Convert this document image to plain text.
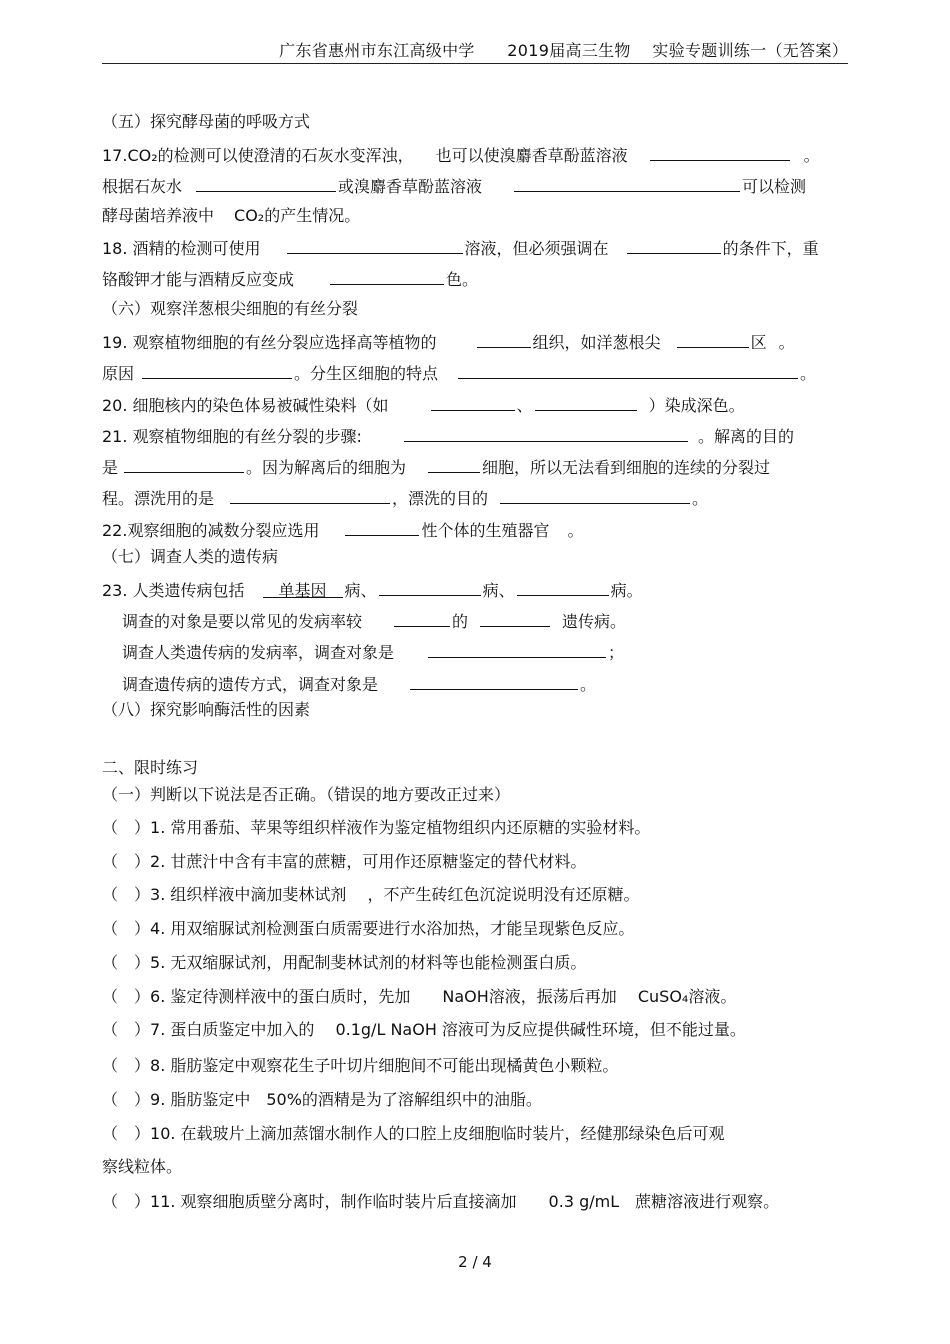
广东省惠州市东江高级中学　　2019届高三生物　 实验专题训练一（无答案）
（五）探究酵母菌的呼吸方式
17.CO₂的检测可以使澄清的石灰水变浑浊， 也可以使溴麝香草酚蓝溶液	。
根据石灰水	或溴麝香草酚蓝溶液	可以检测
酵母菌培养液中 CO₂的产生情况。
18. 酒精的检测可使用	溶液，但必须强调在	的条件下，重
铬酸钾才能与酒精反应变成	色。
（六）观察洋葱根尖细胞的有丝分裂
19. 观察植物细胞的有丝分裂应选择高等植物的	组织，如洋葱根尖	区 。
原因	。分生区细胞的特点	。
20. 细胞核内的染色体易被碱性染料（如	、	）染成深色。
21. 观察植物细胞的有丝分裂的步骤:	。解离的目的
是	。因为解离后的细胞为	细胞，所以无法看到细胞的连续的分裂过
程。漂洗用的是	，漂洗的目的	。
22.观察细胞的减数分裂应选用	性个体的生殖器官 。
（七）调查人类的遗传病
23. 人类遗传病包括 单基因 病、	病、	病。
调查的对象是要以常见的发病率较	的	遗传病。
调查人类遗传病的发病率，调查对象是	；
调查遗传病的遗传方式，调查对象是	。
（八）探究影响酶活性的因素
二、限时练习
（一）判断以下说法是否正确。（错误的地方要改正过来）
（　）1. 常用番茄、苹果等组织样液作为鉴定植物组织内还原糖的实验材料。
（　）2. 甘蔗汁中含有丰富的蔗糖，可用作还原糖鉴定的替代材料。
（　）3. 组织样液中滴加斐林试剂　 ，不产生砖红色沉淀说明没有还原糖。
（　）4. 用双缩脲试剂检测蛋白质需要进行水浴加热，才能呈现紫色反应。
（　）5. 无双缩脲试剂，用配制斐林试剂的材料等也能检测蛋白质。
（　）6. 鉴定待测样液中的蛋白质时，先加　　NaOH溶液，振荡后再加　 CuSO₄溶液。
（　）7. 蛋白质鉴定中加入的　 0.1g/L NaOH 溶液可为反应提供碱性环境，但不能过量。
（　）8. 脂肪鉴定中观察花生子叶切片细胞间不可能出现橘黄色小颗粒。
（　）9. 脂肪鉴定中　50%的酒精是为了溶解组织中的油脂。
（　）10. 在载玻片上滴加蒸馏水制作人的口腔上皮细胞临时装片，经健那绿染色后可观
察线粒体。
（　）11. 观察细胞质壁分离时，制作临时装片后直接滴加　　0.3 g/mL　蔗糖溶液进行观察。
2 / 4
